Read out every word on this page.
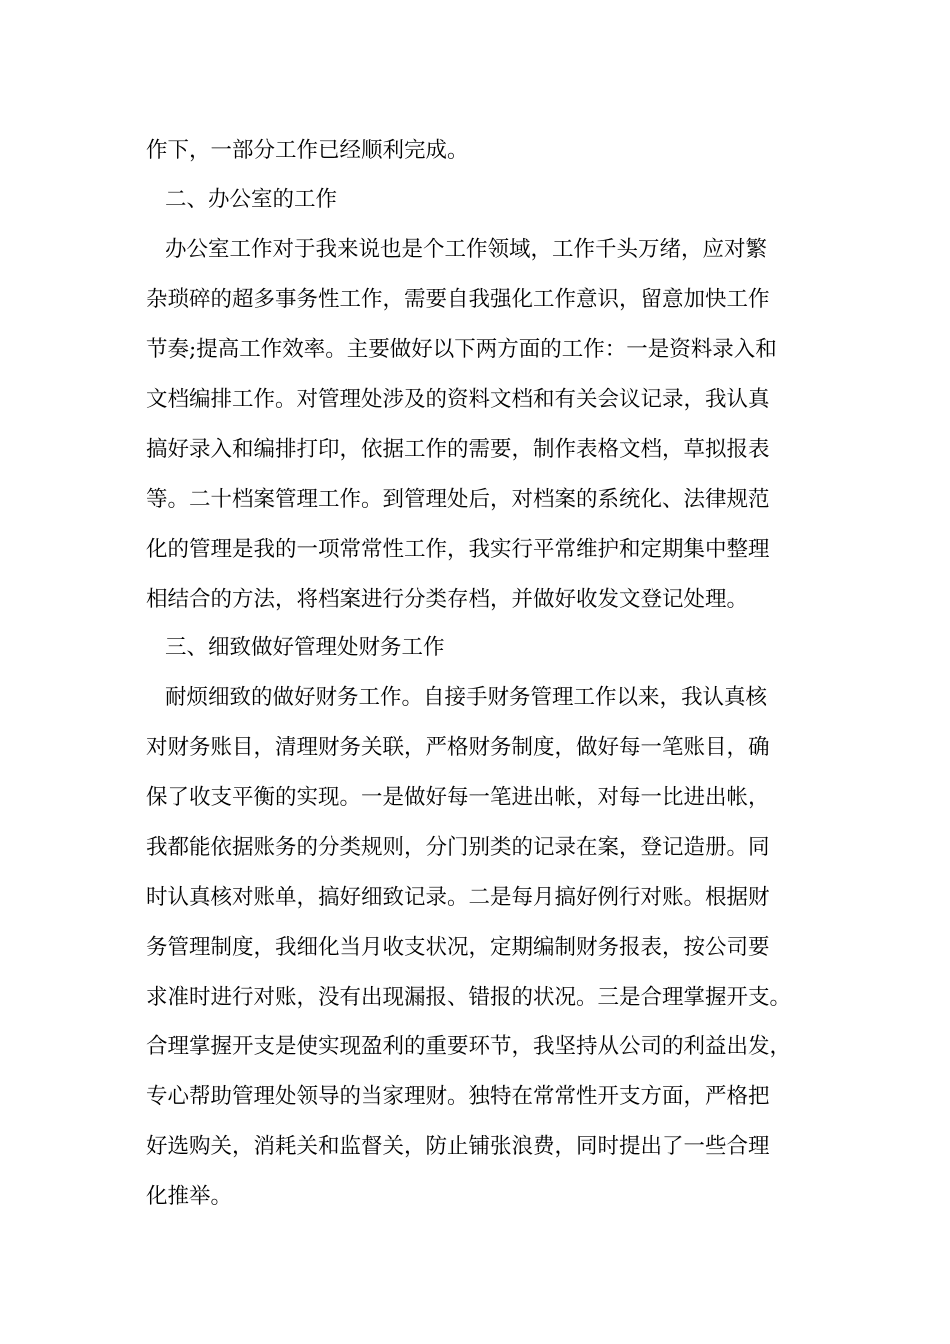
作下，一部分工作已经顺利完成。

二、办公室的工作

办公室工作对于我来说也是个工作领域，工作千头万绪，应对繁

杂琐碎的超多事务性工作，需要自我强化工作意识，留意加快工作

节奏;提高工作效率。主要做好以下两方面的工作：一是资料录入和

文档编排工作。对管理处涉及的资料文档和有关会议记录，我认真

搞好录入和编排打印，依据工作的需要，制作表格文档，草拟报表

等。二十档案管理工作。到管理处后，对档案的系统化、法律规范

化的管理是我的一项常常性工作，我实行平常维护和定期集中整理

相结合的方法，将档案进行分类存档，并做好收发文登记处理。

三、细致做好管理处财务工作

耐烦细致的做好财务工作。自接手财务管理工作以来，我认真核

对财务账目，清理财务关联，严格财务制度，做好每一笔账目，确

保了收支平衡的实现。一是做好每一笔进出帐，对每一比进出帐，

我都能依据账务的分类规则，分门别类的记录在案，登记造册。同

时认真核对账单，搞好细致记录。二是每月搞好例行对账。根据财

务管理制度，我细化当月收支状况，定期编制财务报表，按公司要

求准时进行对账，没有出现漏报、错报的状况。三是合理掌握开支。

合理掌握开支是使实现盈利的重要环节，我坚持从公司的利益出发，

专心帮助管理处领导的当家理财。独特在常常性开支方面，严格把

好选购关，消耗关和监督关，防止铺张浪费，同时提出了一些合理

化推举。
